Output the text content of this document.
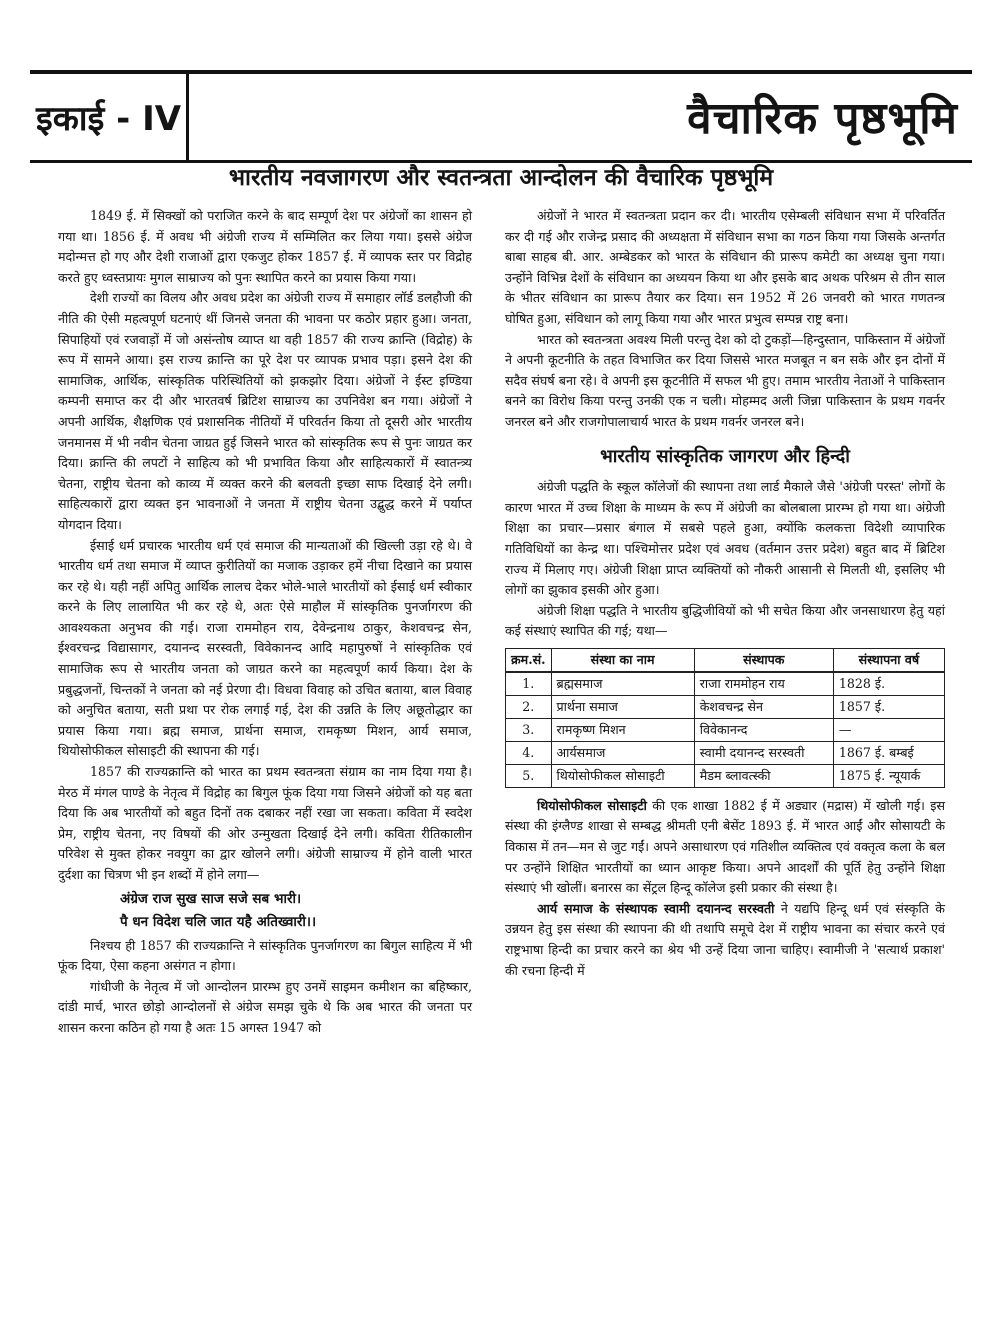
इकाई - IV	वैचारिक पृष्ठभूमि
भारतीय नवजागरण और स्वतन्त्रता आन्दोलन की वैचारिक पृष्ठभूमि

1849 ई. में सिक्खों को पराजित करने के बाद सम्पूर्ण देश पर अंग्रेजों का शासन हो गया था। 1856 ई. में अवध भी अंग्रेजी राज्य में सम्मिलित कर लिया गया। इससे अंग्रेज मदोन्मत्त हो गए और देशी राजाओं द्वारा एकजुट होकर 1857 ई. में व्यापक स्तर पर विद्रोह करते हुए ध्वस्तप्रायः मुगल साम्राज्य को पुनः स्थापित करने का प्रयास किया गया।

देशी राज्यों का विलय और अवध प्रदेश का अंग्रेजी राज्य में समाहार लॉर्ड डलहौजी की नीति की ऐसी महत्वपूर्ण घटनाएं थीं जिनसे जनता की भावना पर कठोर प्रहार हुआ। जनता, सिपाहियों एवं रजवाड़ों में जो असंन्तोष व्याप्त था वही 1857 की राज्य क्रान्ति (विद्रोह) के रूप में सामने आया। इस राज्य क्रान्ति का पूरे देश पर व्यापक प्रभाव पड़ा। इसने देश की सामाजिक, आर्थिक, सांस्कृतिक परिस्थितियों को झकझोर दिया। अंग्रेजों ने ईस्ट इण्डिया कम्पनी समाप्त कर दी और भारतवर्ष ब्रिटिश साम्राज्य का उपनिवेश बन गया। अंग्रेजों ने अपनी आर्थिक, शैक्षणिक एवं प्रशासनिक नीतियों में परिवर्तन किया तो दूसरी ओर भारतीय जनमानस में भी नवीन चेतना जाग्रत हुई जिसने भारत को सांस्कृतिक रूप से पुनः जाग्रत कर दिया। क्रान्ति की लपटों ने साहित्य को भी प्रभावित किया और साहित्यकारों में स्वातन्त्र्य चेतना, राष्ट्रीय चेतना को काव्य में व्यक्त करने की बलवती इच्छा साफ दिखाई देने लगी। साहित्यकारों द्वारा व्यक्त इन भावनाओं ने जनता में राष्ट्रीय चेतना उद्बुद्ध करने में पर्याप्त योगदान दिया।

ईसाई धर्म प्रचारक भारतीय धर्म एवं समाज की मान्यताओं की खिल्ली उड़ा रहे थे। वे भारतीय धर्म तथा समाज में व्याप्त कुरीतियों का मजाक उड़ाकर हमें नीचा दिखाने का प्रयास कर रहे थे। यही नहीं अपितु आर्थिक लालच देकर भोले-भाले भारतीयों को ईसाई धर्म स्वीकार करने के लिए लालायित भी कर रहे थे, अतः ऐसे माहौल में सांस्कृतिक पुनर्जागरण की आवश्यकता अनुभव की गई। राजा राममोहन राय, देवेन्द्रनाथ ठाकुर, केशवचन्द्र सेन, ईश्वरचन्द्र विद्यासागर, दयानन्द सरस्वती, विवेकानन्द आदि महापुरुषों ने सांस्कृतिक एवं सामाजिक रूप से भारतीय जनता को जाग्रत करने का महत्वपूर्ण कार्य किया। देश के प्रबुद्धजनों, चिन्तकों ने जनता को नई प्रेरणा दी। विधवा विवाह को उचित बताया, बाल विवाह को अनुचित बताया, सती प्रथा पर रोक लगाई गई, देश की उन्नति के लिए अछूतोद्धार का प्रयास किया गया। ब्रह्म समाज, प्रार्थना समाज, रामकृष्ण मिशन, आर्य समाज, थियोसोफीकल सोसाइटी की स्थापना की गई।

1857 की राज्यक्रान्ति को भारत का प्रथम स्वतन्त्रता संग्राम का नाम दिया गया है। मेरठ में मंगल पाण्डे के नेतृत्व में विद्रोह का बिगुल फूंक दिया गया जिसने अंग्रेजों को यह बता दिया कि अब भारतीयों को बहुत दिनों तक दबाकर नहीं रखा जा सकता। कविता में स्वदेश प्रेम, राष्ट्रीय चेतना, नए विषयों की ओर उन्मुखता दिखाई देने लगी। कविता रीतिकालीन परिवेश से मुक्त होकर नवयुग का द्वार खोलने लगी। अंग्रेजी साम्राज्य में होने वाली भारत दुर्दशा का चित्रण भी इन शब्दों में होने लगा—

अंग्रेज राज सुख साज सजे सब भारी।
पै धन विदेश चलि जात यहै अतिख्वारी।।

निश्चय ही 1857 की राज्यक्रान्ति ने सांस्कृतिक पुनर्जागरण का बिगुल साहित्य में भी फूंक दिया, ऐसा कहना असंगत न होगा।

गांधीजी के नेतृत्व में जो आन्दोलन प्रारम्भ हुए उनमें साइमन कमीशन का बहिष्कार, दांडी मार्च, भारत छोड़ो आन्दोलनों से अंग्रेज समझ चुके थे कि अब भारत की जनता पर शासन करना कठिन हो गया है अतः 15 अगस्त 1947 को

अंग्रेजों ने भारत में स्वतन्त्रता प्रदान कर दी। भारतीय एसेम्बली संविधान सभा में परिवर्तित कर दी गई और राजेन्द्र प्रसाद की अध्यक्षता में संविधान सभा का गठन किया गया जिसके अन्तर्गत बाबा साहब बी. आर. अम्बेडकर को भारत के संविधान की प्रारूप कमेटी का अध्यक्ष चुना गया। उन्होंने विभिन्न देशों के संविधान का अध्ययन किया था और इसके बाद अथक परिश्रम से तीन साल के भीतर संविधान का प्रारूप तैयार कर दिया। सन 1952 में 26 जनवरी को भारत गणतन्त्र घोषित हुआ, संविधान को लागू किया गया और भारत प्रभुत्व सम्पन्न राष्ट्र बना।

भारत को स्वतन्त्रता अवश्य मिली परन्तु देश को दो टुकड़ों—हिन्दुस्तान, पाकिस्तान में अंग्रेजों ने अपनी कूटनीति के तहत विभाजित कर दिया जिससे भारत मजबूत न बन सके और इन दोनों में सदैव संघर्ष बना रहे। वे अपनी इस कूटनीति में सफल भी हुए। तमाम भारतीय नेताओं ने पाकिस्तान बनने का विरोध किया परन्तु उनकी एक न चली। मोहम्मद अली जिन्ना पाकिस्तान के प्रथम गवर्नर जनरल बने और राजगोपालाचार्य भारत के प्रथम गवर्नर जनरल बने।

भारतीय सांस्कृतिक जागरण और हिन्दी

अंग्रेजी पद्धति के स्कूल कॉलेजों की स्थापना तथा लार्ड मैकाले जैसे 'अंग्रेजी परस्त' लोगों के कारण भारत में उच्च शिक्षा के माध्यम के रूप में अंग्रेजी का बोलबाला प्रारम्भ हो गया था। अंग्रेजी शिक्षा का प्रचार—प्रसार बंगाल में सबसे पहले हुआ, क्योंकि कलकत्ता विदेशी व्यापारिक गतिविधियों का केन्द्र था। पश्चिमोत्तर प्रदेश एवं अवध (वर्तमान उत्तर प्रदेश) बहुत बाद में ब्रिटिश राज्य में मिलाए गए। अंग्रेजी शिक्षा प्राप्त व्यक्तियों को नौकरी आसानी से मिलती थी, इसलिए भी लोगों का झुकाव इसकी ओर हुआ।

अंग्रेजी शिक्षा पद्धति ने भारतीय बुद्धिजीवियों को भी सचेत किया और जनसाधारण हेतु यहां कई संस्थाएं स्थापित की गई; यथा—

क्रम.सं.	संस्था का नाम	संस्थापक	संस्थापना वर्ष
1.	ब्रह्मसमाज	राजा राममोहन राय	1828 ई.
2.	प्रार्थना समाज	केशवचन्द्र सेन	1857 ई.
3.	रामकृष्ण मिशन	विवेकानन्द	—
4.	आर्यसमाज	स्वामी दयानन्द सरस्वती	1867 ई. बम्बई
5.	थियोसोफीकल सोसाइटी	मैडम ब्लावत्स्की	1875 ई. न्यूयार्क

थियोसोफीकल सोसाइटी की एक शाखा 1882 ई में अड्यार (मद्रास) में खोली गई। इस संस्था की इंग्लैण्ड शाखा से सम्बद्ध श्रीमती एनी बेसेंट 1893 ई. में भारत आईं और सोसायटी के विकास में तन—मन से जुट गईं। अपने असाधारण एवं गतिशील व्यक्तित्व एवं वक्तृत्व कला के बल पर उन्होंने शिक्षित भारतीयों का ध्यान आकृष्ट किया। अपने आदर्शों की पूर्ति हेतु उन्होंने शिक्षा संस्थाएं भी खोलीं। बनारस का सेंट्रल हिन्दू कॉलेज इसी प्रकार की संस्था है।

आर्य समाज के संस्थापक स्वामी दयानन्द सरस्वती ने यद्यपि हिन्दू धर्म एवं संस्कृति के उन्नयन हेतु इस संस्था की स्थापना की थी तथापि समूचे देश में राष्ट्रीय भावना का संचार करने एवं राष्ट्रभाषा हिन्दी का प्रचार करने का श्रेय भी उन्हें दिया जाना चाहिए। स्वामीजी ने 'सत्यार्थ प्रकाश' की रचना हिन्दी में
